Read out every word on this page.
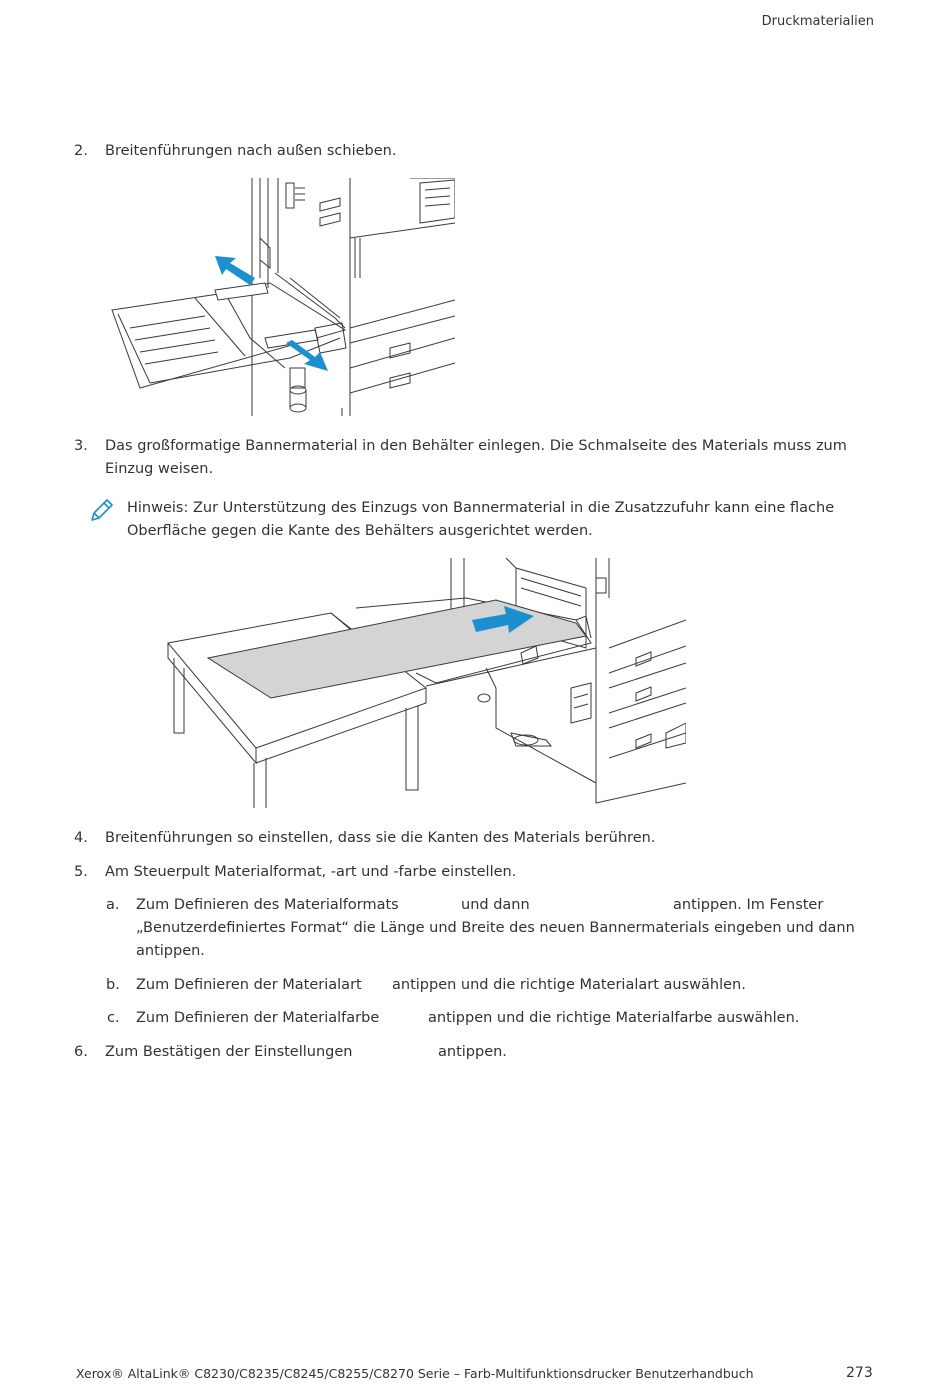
Druckmaterialien
2.	Breitenführungen nach außen schieben.
3.	Das großformatige Bannermaterial in den Behälter einlegen. Die Schmalseite des Materials muss zum
Einzug weisen.
Hinweis: Zur Unterstützung des Einzugs von Bannermaterial in die Zusatzzufuhr kann eine flache
Oberfläche gegen die Kante des Behälters ausgerichtet werden.
4.	Breitenführungen so einstellen, dass sie die Kanten des Materials berühren.
5.	Am Steuerpult Materialformat, -art und -farbe einstellen.
a. Zum Definieren des Materialformats	und dann	antippen. Im Fenster
„Benutzerdefiniertes Format“ die Länge und Breite des neuen Bannermaterials eingeben und dann
antippen.
b. Zum Definieren der Materialart antippen und die richtige Materialart auswählen.
c. Zum Definieren der Materialfarbe	antippen und die richtige Materialfarbe auswählen.
6.	Zum Bestätigen der Einstellungen	antippen.
Xerox® AltaLink® C8230/C8235/C8245/C8255/C8270 Serie – Farb-Multifunktionsdrucker Benutzerhandbuch	273
